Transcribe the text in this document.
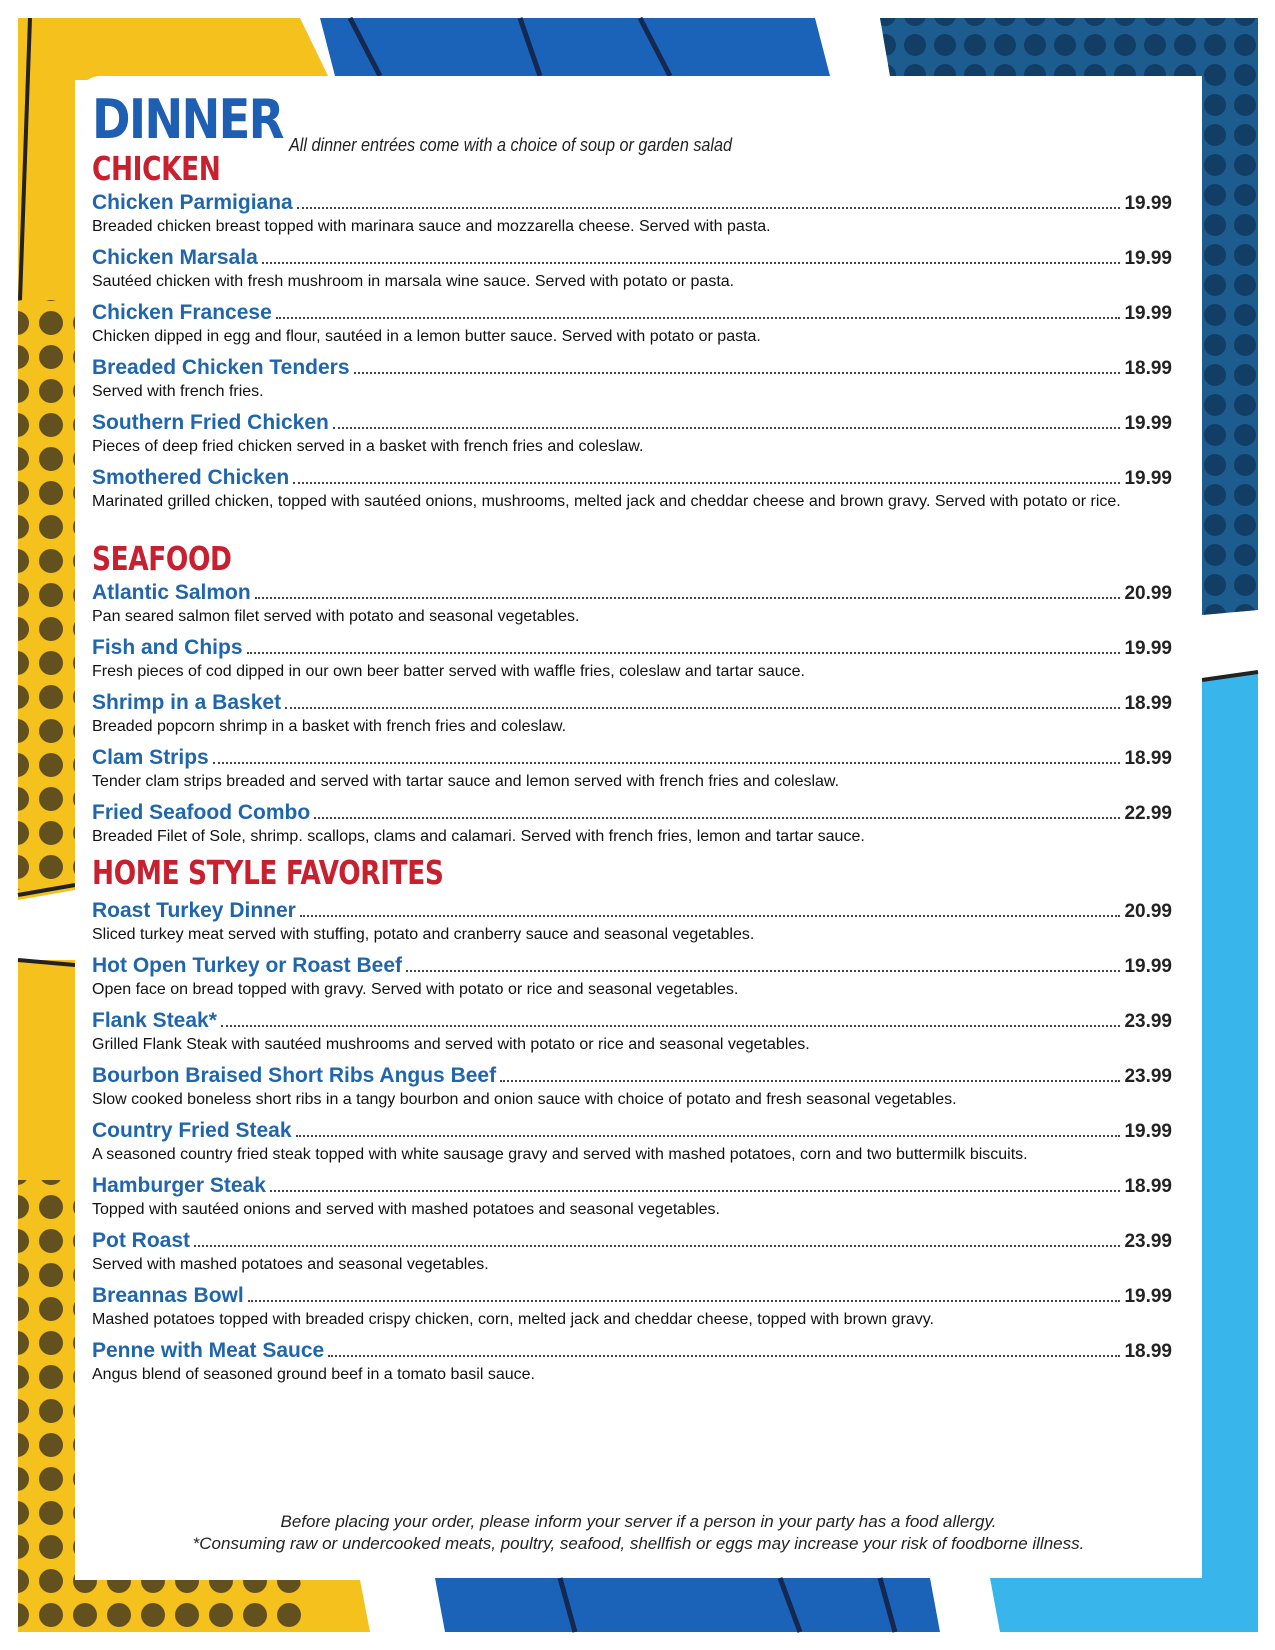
DINNER All dinner entrées come with a choice of soup or garden salad
CHICKEN
Chicken Parmigiana	19.99
Breaded chicken breast topped with marinara sauce and mozzarella cheese. Served with pasta.
Chicken Marsala	19.99
Sautéed chicken with fresh mushroom in marsala wine sauce. Served with potato or pasta.
Chicken Francese	19.99
Chicken dipped in egg and flour, sautéed in a lemon butter sauce. Served with potato or pasta.
Breaded Chicken Tenders	18.99
Served with french fries.
Southern Fried Chicken	19.99
Pieces of deep fried chicken served in a basket with french fries and coleslaw.
Smothered Chicken	19.99
Marinated grilled chicken, topped with sautéed onions, mushrooms, melted jack and cheddar cheese and brown gravy. Served with potato or rice.
SEAFOOD
Atlantic Salmon	20.99
Pan seared salmon filet served with potato and seasonal vegetables.
Fish and Chips	19.99
Fresh pieces of cod dipped in our own beer batter served with waffle fries, coleslaw and tartar sauce.
Shrimp in a Basket	18.99
Breaded popcorn shrimp in a basket with french fries and coleslaw.
Clam Strips	18.99
Tender clam strips breaded and served with tartar sauce and lemon served with french fries and coleslaw.
Fried Seafood Combo	22.99
Breaded Filet of Sole, shrimp. scallops, clams and calamari. Served with french fries, lemon and tartar sauce.
HOME STYLE FAVORITES
Roast Turkey Dinner	20.99
Sliced turkey meat served with stuffing, potato and cranberry sauce and seasonal vegetables.
Hot Open Turkey or Roast Beef	19.99
Open face on bread topped with gravy. Served with potato or rice and seasonal vegetables.
Flank Steak*	23.99
Grilled Flank Steak with sautéed mushrooms and served with potato or rice and seasonal vegetables.
Bourbon Braised Short Ribs Angus Beef	23.99
Slow cooked boneless short ribs in a tangy bourbon and onion sauce with choice of potato and fresh seasonal vegetables.
Country Fried Steak	19.99
A seasoned country fried steak topped with white sausage gravy and served with mashed potatoes, corn and two buttermilk biscuits.
Hamburger Steak	18.99
Topped with sautéed onions and served with mashed potatoes and seasonal vegetables.
Pot Roast	23.99
Served with mashed potatoes and seasonal vegetables.
Breannas Bowl	19.99
Mashed potatoes topped with breaded crispy chicken, corn, melted jack and cheddar cheese, topped with brown gravy.
Penne with Meat Sauce	18.99
Angus blend of seasoned ground beef in a tomato basil sauce.
Before placing your order, please inform your server if a person in your party has a food allergy.
*Consuming raw or undercooked meats, poultry, seafood, shellfish or eggs may increase your risk of foodborne illness.
